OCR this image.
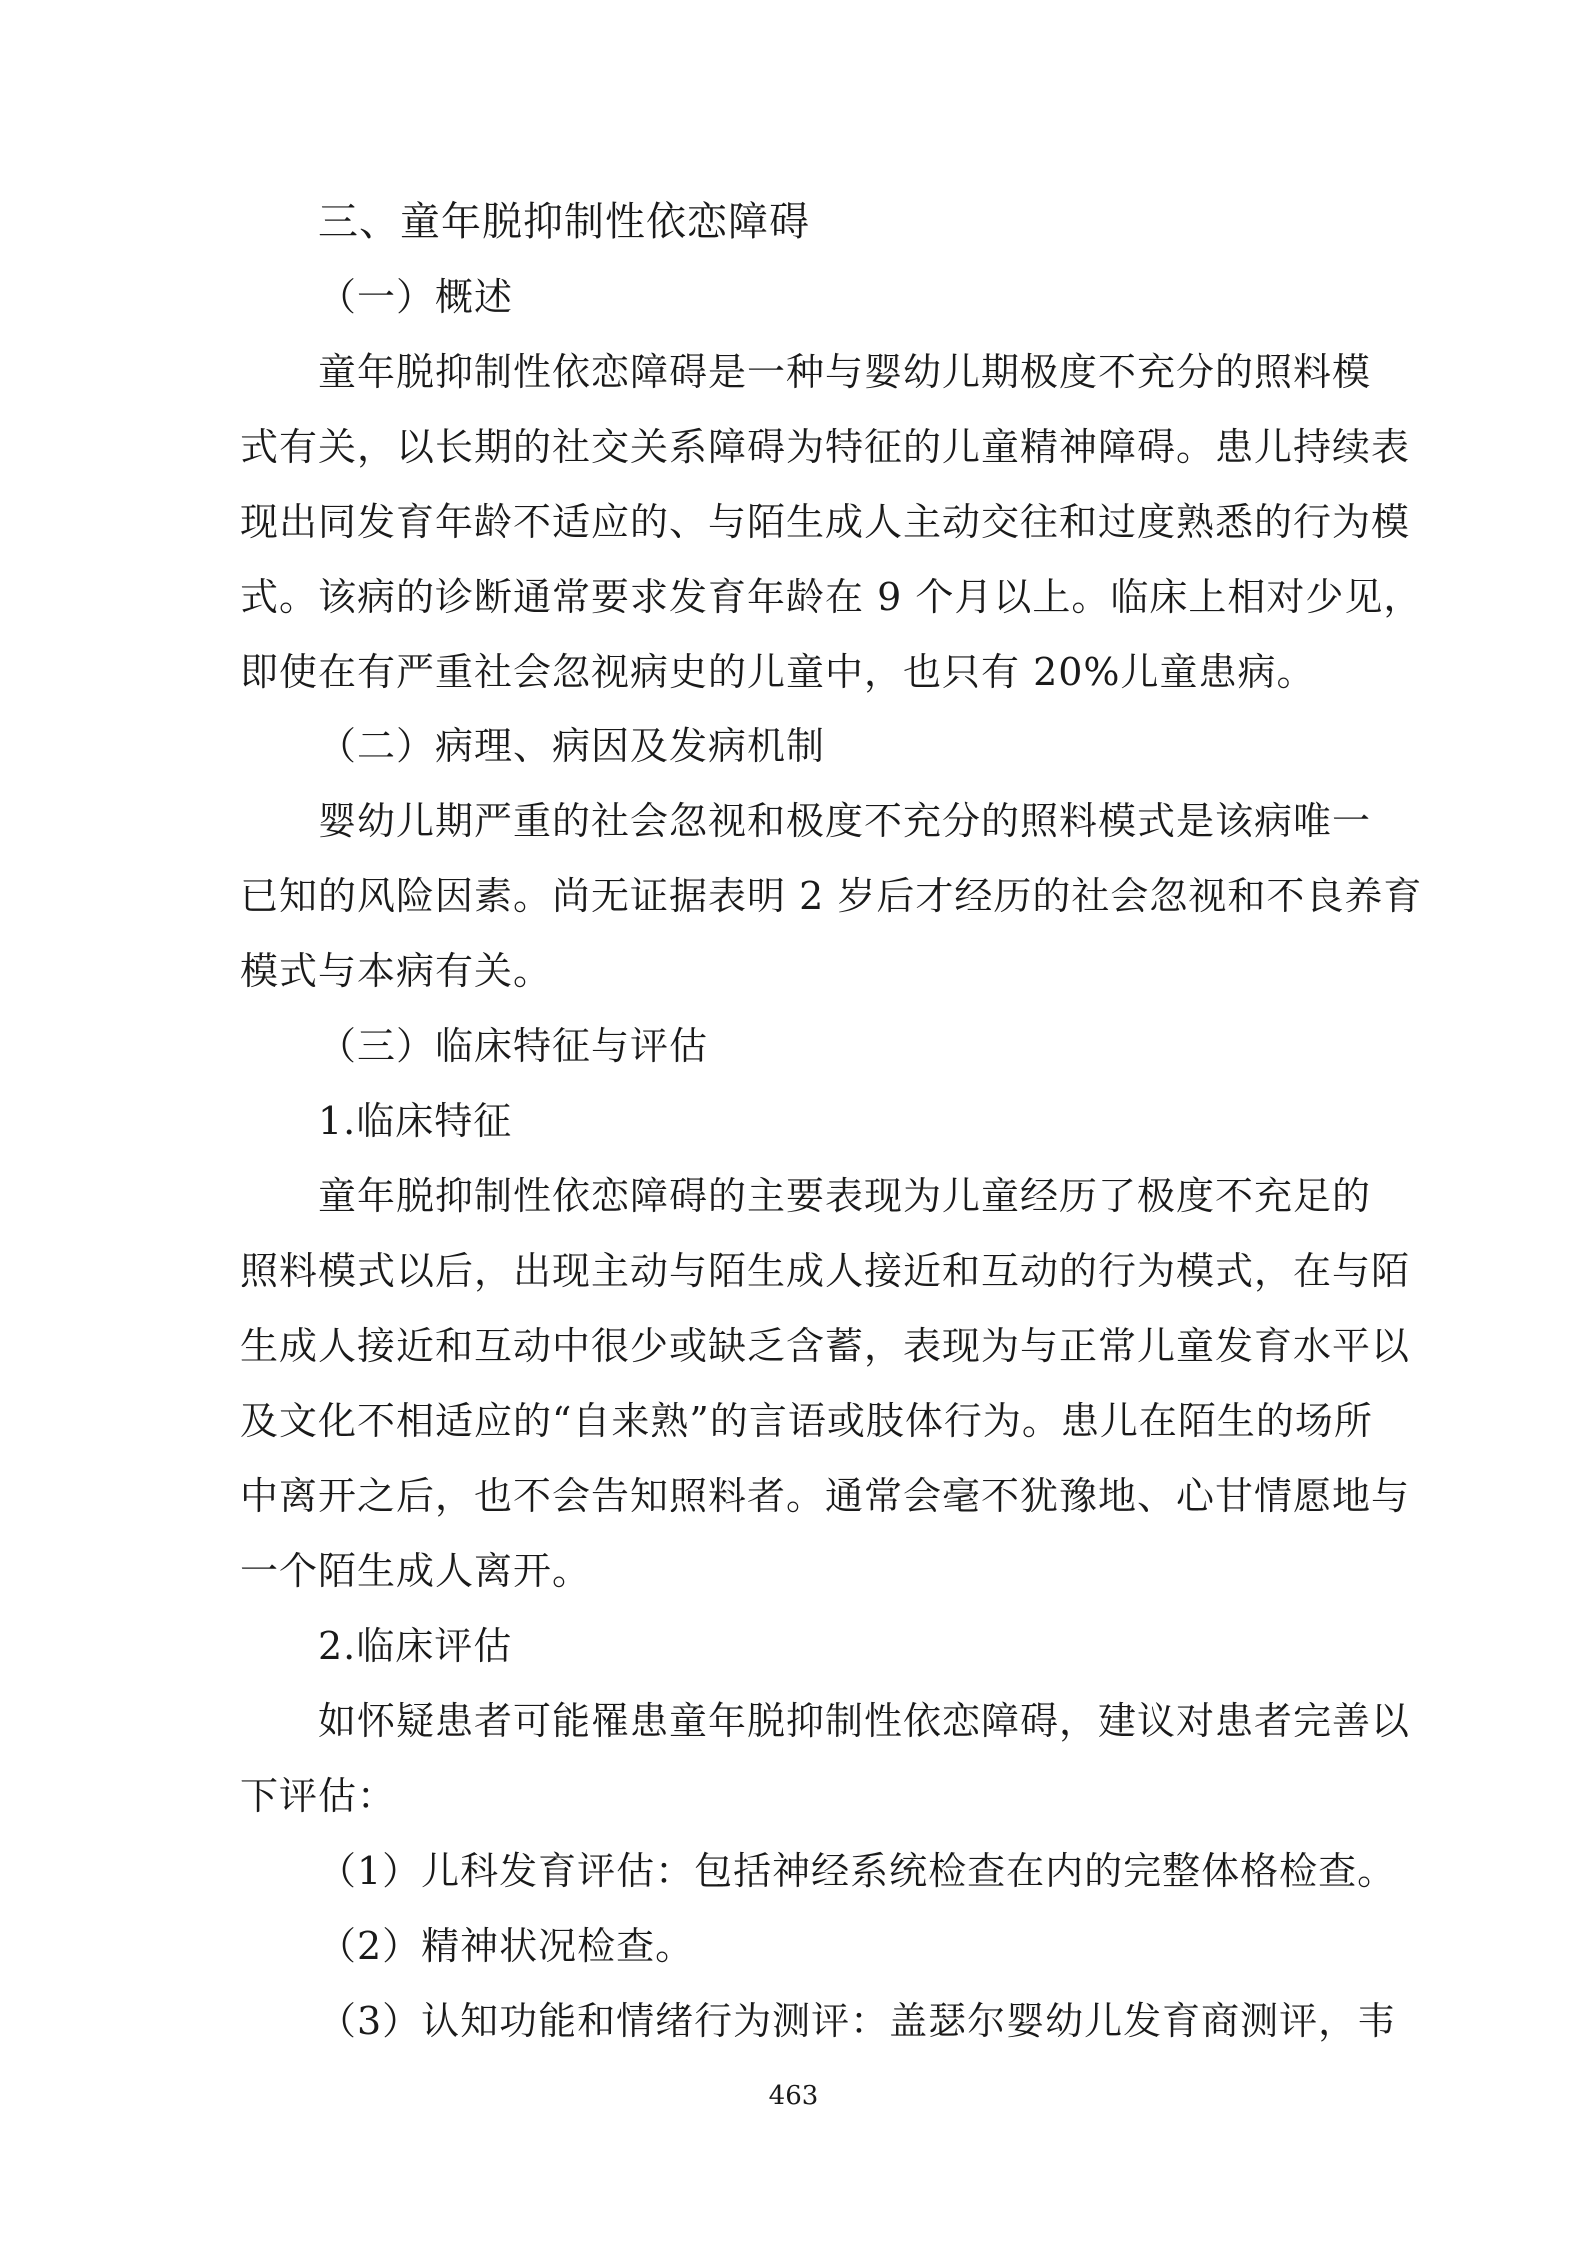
三、童年脱抑制性依恋障碍
（一）概述
童年脱抑制性依恋障碍是一种与婴幼儿期极度不充分的照料模
式有关，以长期的社交关系障碍为特征的儿童精神障碍。患儿持续表
现出同发育年龄不适应的、与陌生成人主动交往和过度熟悉的行为模
式。该病的诊断通常要求发育年龄在 9 个月以上。临床上相对少见，
即使在有严重社会忽视病史的儿童中，也只有 20%儿童患病。
（二）病理、病因及发病机制
婴幼儿期严重的社会忽视和极度不充分的照料模式是该病唯一
已知的风险因素。尚无证据表明 2 岁后才经历的社会忽视和不良养育
模式与本病有关。
（三）临床特征与评估
1.临床特征
童年脱抑制性依恋障碍的主要表现为儿童经历了极度不充足的
照料模式以后，出现主动与陌生成人接近和互动的行为模式，在与陌
生成人接近和互动中很少或缺乏含蓄，表现为与正常儿童发育水平以
及文化不相适应的“自来熟”的言语或肢体行为。患儿在陌生的场所
中离开之后，也不会告知照料者。通常会毫不犹豫地、心甘情愿地与
一个陌生成人离开。
2.临床评估
如怀疑患者可能罹患童年脱抑制性依恋障碍，建议对患者完善以
下评估：
（1）儿科发育评估：包括神经系统检查在内的完整体格检查。
（2）精神状况检查。
（3）认知功能和情绪行为测评：盖瑟尔婴幼儿发育商测评，韦
463
